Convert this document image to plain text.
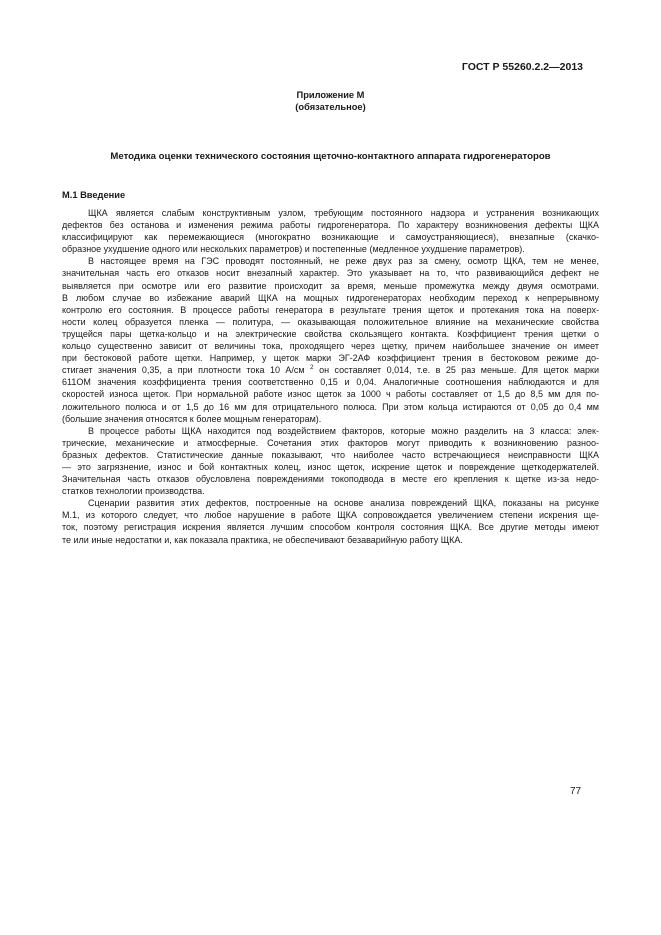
ГОСТ Р 55260.2.2—2013
Приложение М
(обязательное)
Методика оценки технического состояния щеточно-контактного аппарата гидрогенераторов
М.1 Введение
ЩКА является слабым конструктивным узлом, требующим постоянного надзора и устранения возникающих
дефектов без останова и изменения режима работы гидрогенератора. По характеру возникновения дефекты ЩКА
классифицируют как перемежающиеся (многократно возникающие и самоустраняющиеся), внезапные (скачко-
образное ухудшение одного или нескольких параметров) и постепенные (медленное ухудшение параметров).
В настоящее время на ГЭС проводят постоянный, не реже двух раз за смену, осмотр ЩКА, тем не менее,
значительная часть его отказов носит внезапный характер. Это указывает на то, что развивающийся дефект не
выявляется при осмотре или его развитие происходит за время, меньше промежутка между двумя осмотрами.
В любом случае во избежание аварий ЩКА на мощных гидрогенераторах необходим переход к непрерывному
контролю его состояния. В процессе работы генератора в результате трения щеток и протекания тока на поверх-
ности колец образуется пленка — политура, — оказывающая положительное влияние на механические свойства
трущейся пары щетка-кольцо и на электрические свойства скользящего контакта. Коэффициент трения щетки о
кольцо существенно зависит от величины тока, проходящего через щетку, причем наибольшее значение он имеет
при бестоковой работе щетки. Например, у щеток марки ЭГ-2АФ коэффициент трения в бестоковом режиме до-
стигает значения 0,35, а при плотности тока 10 А/см $^2$ он составляет 0,014, т.е. в 25 раз меньше. Для щеток марки
611ОМ значения коэффициента трения соответственно 0,15 и 0,04. Аналогичные соотношения наблюдаются и для
скоростей износа щеток. При нормальной работе износ щеток за 1000 ч работы составляет от 1,5 до 8,5 мм для по-
ложительного полюса и от 1,5 до 16 мм для отрицательного полюса. При этом кольца истираются от 0,05 до 0,4 мм
(большие значения относятся к более мощным генераторам).
В процессе работы ЩКА находится под воздействием факторов, которые можно разделить на 3 класса: элек-
трические, механические и атмосферные. Сочетания этих факторов могут приводить к возникновению разноо-
бразных дефектов. Статистические данные показывают, что наиболее часто встречающиеся неисправности ЩКА
— это загрязнение, износ и бой контактных колец, износ щеток, искрение щеток и повреждение щеткодержателей.
Значительная часть отказов обусловлена повреждениями токоподвода в месте его крепления к щетке из-за недо-
статков технологии производства.
Сценарии развития этих дефектов, построенные на основе анализа повреждений ЩКА, показаны на рисунке
М.1, из которого следует, что любое нарушение в работе ЩКА сопровождается увеличением степени искрения ще-
ток, поэтому регистрация искрения является лучшим способом контроля состояния ЩКА. Все другие методы имеют
те или иные недостатки и, как показала практика, не обеспечивают безаварийную работу ЩКА.
77
